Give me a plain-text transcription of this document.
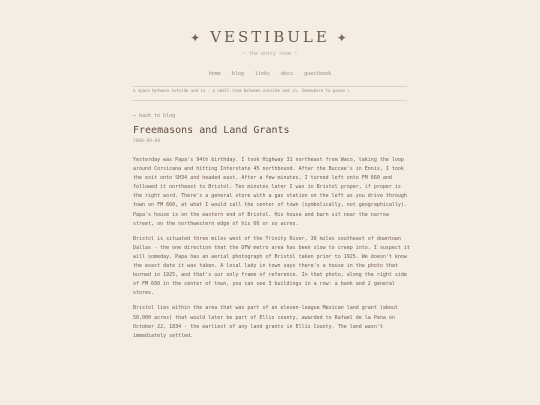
✦ VESTIBULE ✦
~ the entry room ~
home · blog · links · docs · guestbook
a space between outside and in · a small room between outside and in. Somewhere to pause ✦
← back to blog
Freemasons and Land Grants
2008-09-08

Yesterday was Papa's 94th birthday. I took Highway 31 northeast from Waco, taking the loop around Corsicana and hitting Interstate 45 northbound. After the Buccee's in Ennis, I took the exit onto SH34 and headed east. After a few minutes, I turned left onto FM 660 and followed it northeast to Bristol. Ten minutes later I was in Bristol proper, if proper is the right word. There's a general store with a gas station on the left as you drive through town on FM 660, at what I would call the center of town (symbolically, not geographically). Papa's house is on the eastern end of Bristol. His house and barn sit near the narrow street, on the northwestern edge of his 60 or so acres.

Bristol is situated three miles west of the Trinity River, 30 miles southeast of downtown Dallas - the one direction that the DFW metro area has been slow to creep into. I suspect it will someday. Papa has an aerial photograph of Bristol taken prior to 1925. We doesn't know the exact date it was taken. A local lady in town says there's a house in the photo that burned in 1925, and that's our only frame of reference. In that photo, along the right side of FM 660 in the center of town, you can see 3 buildings in a row: a bank and 2 general stores.

Bristol lies within the area that was part of an eleven-league Mexican land grant (about 50,000 acres) that would later be part of Ellis county, awarded to Rafael de la Pena on October 22, 1834 - the earliest of any land grants in Ellis County. The land wasn't immediately settled.
